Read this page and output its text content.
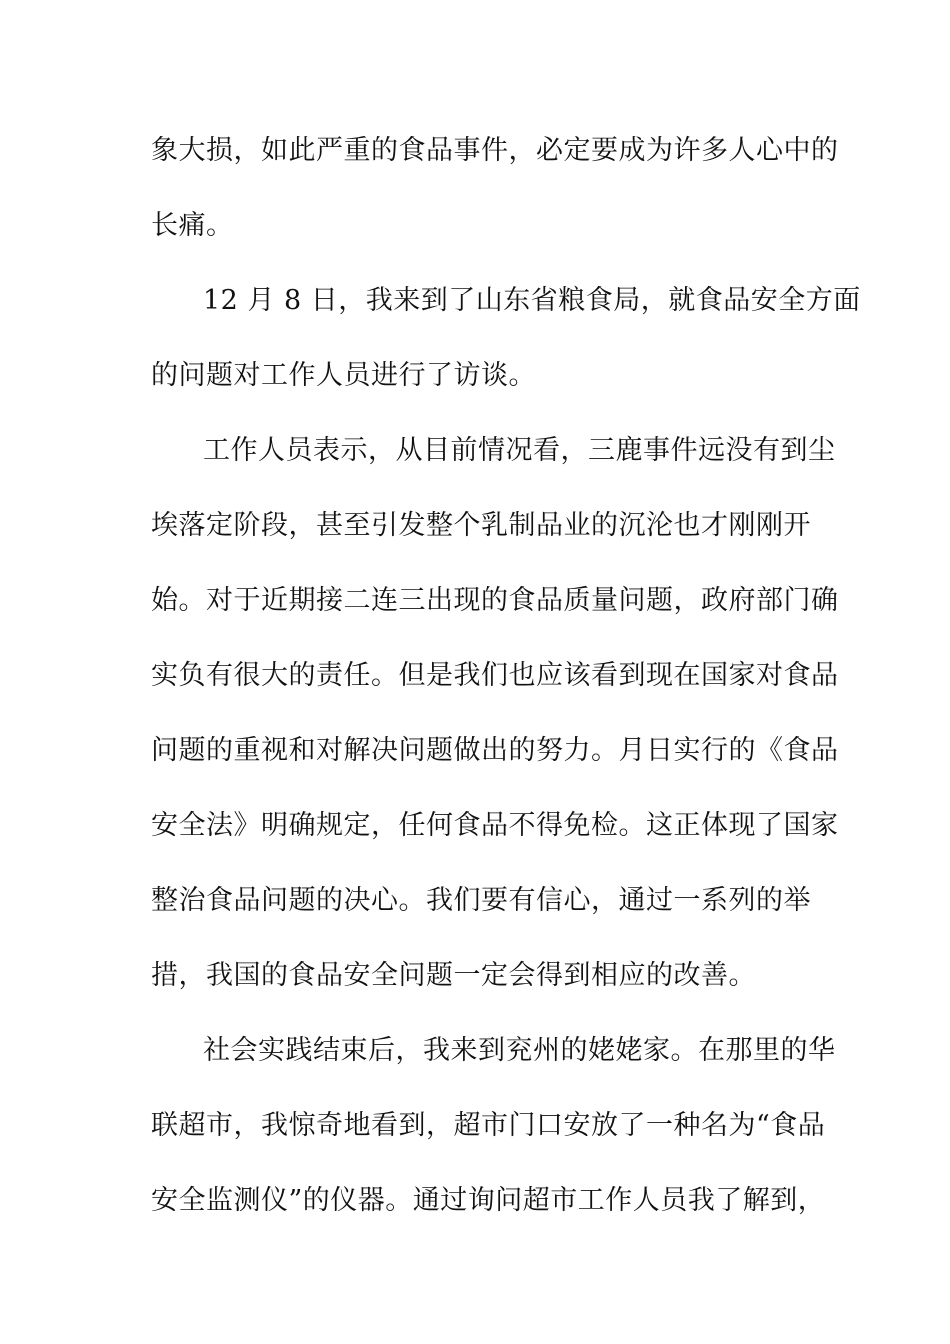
象大损，如此严重的食品事件，必定要成为许多人心中的
长痛。
12 月 8 日，我来到了山东省粮食局，就食品安全方面
的问题对工作人员进行了访谈。
工作人员表示，从目前情况看，三鹿事件远没有到尘
埃落定阶段，甚至引发整个乳制品业的沉沦也才刚刚开
始。对于近期接二连三出现的食品质量问题，政府部门确
实负有很大的责任。但是我们也应该看到现在国家对食品
问题的重视和对解决问题做出的努力。月日实行的《食品
安全法》明确规定，任何食品不得免检。这正体现了国家
整治食品问题的决心。我们要有信心，通过一系列的举
措，我国的食品安全问题一定会得到相应的改善。
社会实践结束后，我来到兖州的姥姥家。在那里的华
联超市，我惊奇地看到，超市门口安放了一种名为“食品
安全监测仪”的仪器。通过询问超市工作人员我了解到，
